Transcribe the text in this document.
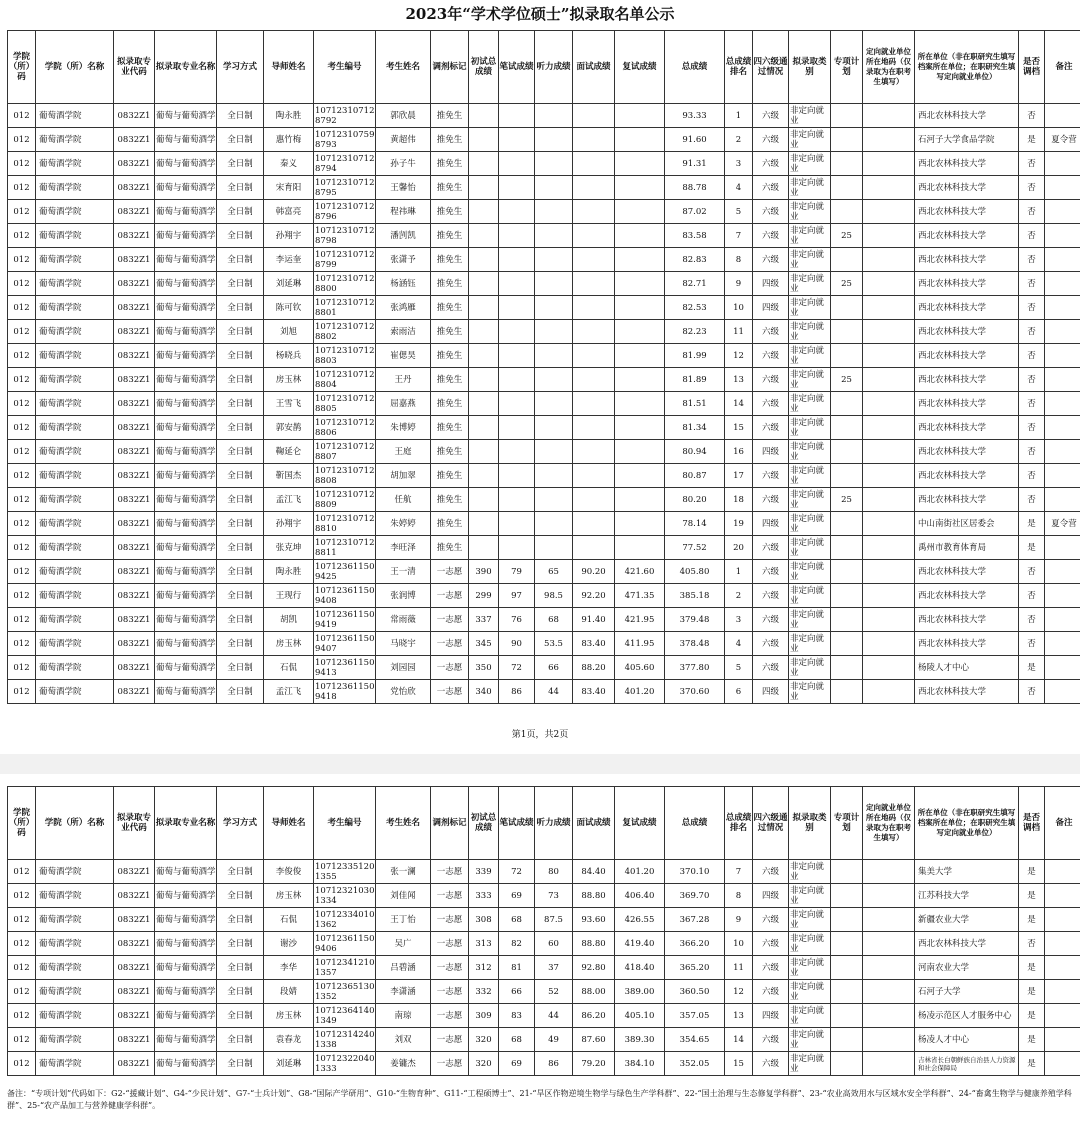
2023年“学术学位硕士”拟录取名单公示
学院（所）码	学院（所）名称	拟录取专业代码	拟录取专业名称	学习方式	导师姓名	考生编号	考生姓名	调剂标记	初试总成绩	笔试成绩	听力成绩	面试成绩	复试成绩	总成绩	总成绩排名	四六级通过情况	拟录取类别	专项计划	定向就业单位所在地码（仅录取为在职考生填写）	所在单位（非在职研究生填写档案所在单位；在职研究生填写定向就业单位）	是否调档	备注
012	葡萄酒学院	0832Z1	葡萄与葡萄酒学	全日制	陶永胜	107123107128792	郭欣晨	推免生						93.33	1	六级	非定向就业			西北农林科技大学	否	
012	葡萄酒学院	0832Z1	葡萄与葡萄酒学	全日制	惠竹梅	107123107598793	黄超伟	推免生						91.60	2	六级	非定向就业			石河子大学食品学院	是	夏令营
012	葡萄酒学院	0832Z1	葡萄与葡萄酒学	全日制	秦义	107123107128794	孙子牛	推免生						91.31	3	六级	非定向就业			西北农林科技大学	否	
012	葡萄酒学院	0832Z1	葡萄与葡萄酒学	全日制	宋育阳	107123107128795	王馨怡	推免生						88.78	4	六级	非定向就业			西北农林科技大学	否	
012	葡萄酒学院	0832Z1	葡萄与葡萄酒学	全日制	韩富亮	107123107128796	程祎琳	推免生						87.02	5	六级	非定向就业			西北农林科技大学	否	
012	葡萄酒学院	0832Z1	葡萄与葡萄酒学	全日制	孙翔宇	107123107128798	潘剀凯	推免生						83.58	7	六级	非定向就业	25		西北农林科技大学	否	
012	葡萄酒学院	0832Z1	葡萄与葡萄酒学	全日制	李运奎	107123107128799	张潇予	推免生						82.83	8	六级	非定向就业			西北农林科技大学	否	
012	葡萄酒学院	0832Z1	葡萄与葡萄酒学	全日制	刘延琳	107123107128800	杨涵钰	推免生						82.71	9	四级	非定向就业	25		西北农林科技大学	否	
012	葡萄酒学院	0832Z1	葡萄与葡萄酒学	全日制	陈可钦	107123107128801	张鸿雁	推免生						82.53	10	四级	非定向就业			西北农林科技大学	否	
012	葡萄酒学院	0832Z1	葡萄与葡萄酒学	全日制	刘旭	107123107128802	索雨洁	推免生						82.23	11	六级	非定向就业			西北农林科技大学	否	
012	葡萄酒学院	0832Z1	葡萄与葡萄酒学	全日制	杨晓兵	107123107128803	崔偲昊	推免生						81.99	12	六级	非定向就业			西北农林科技大学	否	
012	葡萄酒学院	0832Z1	葡萄与葡萄酒学	全日制	房玉林	107123107128804	王丹	推免生						81.89	13	六级	非定向就业	25		西北农林科技大学	否	
012	葡萄酒学院	0832Z1	葡萄与葡萄酒学	全日制	王雪飞	107123107128805	屈嘉燕	推免生						81.51	14	六级	非定向就业			西北农林科技大学	否	
012	葡萄酒学院	0832Z1	葡萄与葡萄酒学	全日制	郭安鹊	107123107128806	朱博婷	推免生						81.34	15	六级	非定向就业			西北农林科技大学	否	
012	葡萄酒学院	0832Z1	葡萄与葡萄酒学	全日制	鞠延仑	107123107128807	王庭	推免生						80.94	16	四级	非定向就业			西北农林科技大学	否	
012	葡萄酒学院	0832Z1	葡萄与葡萄酒学	全日制	靳国杰	107123107128808	胡加翠	推免生						80.87	17	六级	非定向就业			西北农林科技大学	否	
012	葡萄酒学院	0832Z1	葡萄与葡萄酒学	全日制	孟江飞	107123107128809	任航	推免生						80.20	18	六级	非定向就业	25		西北农林科技大学	否	
012	葡萄酒学院	0832Z1	葡萄与葡萄酒学	全日制	孙翔宇	107123107128810	朱婷婷	推免生						78.14	19	四级	非定向就业			中山南街社区居委会	是	夏令营
012	葡萄酒学院	0832Z1	葡萄与葡萄酒学	全日制	张克坤	107123107128811	李旺泽	推免生						77.52	20	六级	非定向就业			禹州市教育体育局	是	
012	葡萄酒学院	0832Z1	葡萄与葡萄酒学	全日制	陶永胜	107123611509425	王一清	一志愿	390	79	65	90.20	421.60	405.80	1	六级	非定向就业			西北农林科技大学	否	
012	葡萄酒学院	0832Z1	葡萄与葡萄酒学	全日制	王现行	107123611509408	张润博	一志愿	299	97	98.5	92.20	471.35	385.18	2	六级	非定向就业			西北农林科技大学	否	
012	葡萄酒学院	0832Z1	葡萄与葡萄酒学	全日制	胡凯	107123611509419	常雨薇	一志愿	337	76	68	91.40	421.95	379.48	3	六级	非定向就业			西北农林科技大学	否	
012	葡萄酒学院	0832Z1	葡萄与葡萄酒学	全日制	房玉林	107123611509407	马晓宇	一志愿	345	90	53.5	83.40	411.95	378.48	4	六级	非定向就业			西北农林科技大学	否	
012	葡萄酒学院	0832Z1	葡萄与葡萄酒学	全日制	石侃	107123611509413	刘园园	一志愿	350	72	66	88.20	405.60	377.80	5	六级	非定向就业			杨陵人才中心	是	
012	葡萄酒学院	0832Z1	葡萄与葡萄酒学	全日制	孟江飞	107123611509418	党怡欣	一志愿	340	86	44	83.40	401.20	370.60	6	四级	非定向就业			西北农林科技大学	否	
第1页，共2页
学院（所）码	学院（所）名称	拟录取专业代码	拟录取专业名称	学习方式	导师姓名	考生编号	考生姓名	调剂标记	初试总成绩	笔试成绩	听力成绩	面试成绩	复试成绩	总成绩	总成绩排名	四六级通过情况	拟录取类别	专项计划	定向就业单位所在地码（仅录取为在职考生填写）	所在单位（非在职研究生填写档案所在单位；在职研究生填写定向就业单位）	是否调档	备注
012	葡萄酒学院	0832Z1	葡萄与葡萄酒学	全日制	李俊俊	107123351201355	张一澜	一志愿	339	72	80	84.40	401.20	370.10	7	六级	非定向就业			集美大学	是	
012	葡萄酒学院	0832Z1	葡萄与葡萄酒学	全日制	房玉林	107123210301334	刘佳闻	一志愿	333	69	73	88.80	406.40	369.70	8	四级	非定向就业			江苏科技大学	是	
012	葡萄酒学院	0832Z1	葡萄与葡萄酒学	全日制	石侃	107123340101362	王丁怡	一志愿	308	68	87.5	93.60	426.55	367.28	9	六级	非定向就业			新疆农业大学	是	
012	葡萄酒学院	0832Z1	葡萄与葡萄酒学	全日制	谢沙	107123611509406	吴广	一志愿	313	82	60	88.80	419.40	366.20	10	六级	非定向就业			西北农林科技大学	否	
012	葡萄酒学院	0832Z1	葡萄与葡萄酒学	全日制	李华	107123412101357	吕碧涵	一志愿	312	81	37	92.80	418.40	365.20	11	六级	非定向就业			河南农业大学	是	
012	葡萄酒学院	0832Z1	葡萄与葡萄酒学	全日制	段婧	107123651301352	李潇涵	一志愿	332	66	52	88.00	389.00	360.50	12	六级	非定向就业			石河子大学	是	
012	葡萄酒学院	0832Z1	葡萄与葡萄酒学	全日制	房玉林	107123641401349	南琼	一志愿	309	83	44	86.20	405.10	357.05	13	四级	非定向就业			杨凌示范区人才服务中心	是	
012	葡萄酒学院	0832Z1	葡萄与葡萄酒学	全日制	袁春龙	107123142401338	刘双	一志愿	320	68	49	87.60	389.30	354.65	14	六级	非定向就业			杨凌人才中心	是	
012	葡萄酒学院	0832Z1	葡萄与葡萄酒学	全日制	刘延琳	107123220401333	姜镛杰	一志愿	320	69	86	79.20	384.10	352.05	15	六级	非定向就业			吉林省长白朝鲜族自治县人力资源和社会保障局	是	
备注：“专项计划”代码如下：G2-“援藏计划”、G4-“少民计划”、G7-“士兵计划”、G8-“国际产学研用”、G10-“生物育种”、G11-“工程硕博士”、21-“旱区作物逆境生物学与绿色生产学科群”、22-“国土治理与生态修复学科群”、23-“农业高效用水与区域水安全学科群”、24-“畜禽生物学与健康养殖学科群”、25-“农产品加工与营养健康学科群”。
